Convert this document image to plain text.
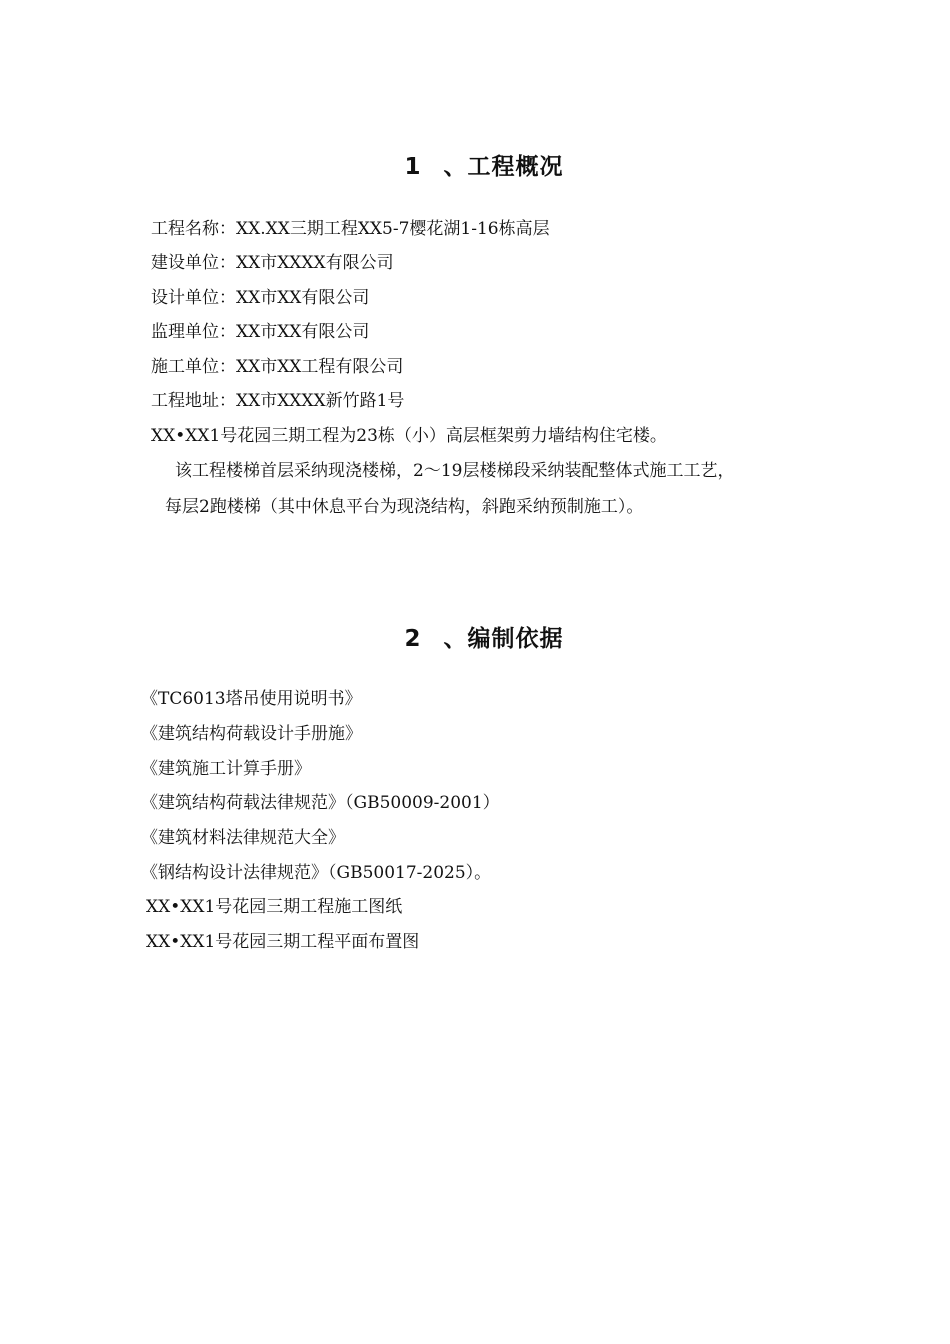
1 、工程概况

工程名称：XX.XX三期工程XX5-7樱花湖1-16栋高层
建设单位：XX市XXXX有限公司
设计单位：XX市XX有限公司
监理单位：XX市XX有限公司
施工单位：XX市XX工程有限公司
工程地址：XX市XXXX新竹路1号
XX•XX1号花园三期工程为23栋（小）高层框架剪力墙结构住宅楼。
该工程楼梯首层采纳现浇楼梯，2～19层楼梯段采纳装配整体式施工工艺，
每层2跑楼梯（其中休息平台为现浇结构，斜跑采纳预制施工）。

2 、编制依据

《TC6013塔吊使用说明书》
《建筑结构荷载设计手册施》
《建筑施工计算手册》
《建筑结构荷载法律规范》（GB50009-2001）
《建筑材料法律规范大全》
《钢结构设计法律规范》（GB50017-2025）。
XX•XX1号花园三期工程施工图纸
XX•XX1号花园三期工程平面布置图
